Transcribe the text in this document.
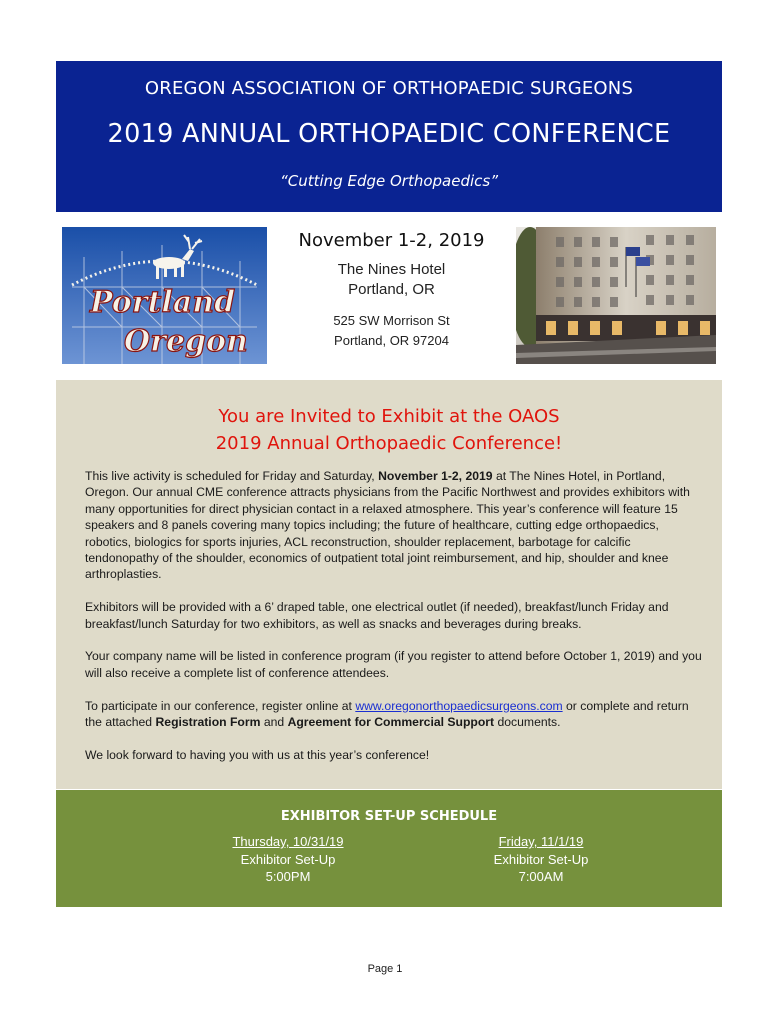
OREGON ASSOCIATION OF ORTHOPAEDIC SURGEONS
2019 ANNUAL ORTHOPAEDIC CONFERENCE
“Cutting Edge Orthopaedics”
Portland
Oregon
November 1-2, 2019
The Nines Hotel
Portland, OR
525 SW Morrison St
Portland, OR 97204
You are Invited to Exhibit at the OAOS
2019 Annual Orthopaedic Conference!

This live activity is scheduled for Friday and Saturday, November 1-2, 2019 at The Nines Hotel, in Portland, Oregon. Our annual CME conference attracts physicians from the Pacific Northwest and provides exhibitors with many opportunities for direct physician contact in a relaxed atmosphere. This year’s conference will feature 15 speakers and 8 panels covering many topics including; the future of healthcare, cutting edge orthopaedics, robotics, biologics for sports injuries, ACL reconstruction, shoulder replacement, barbotage for calcific tendonopathy of the shoulder, economics of outpatient total joint reimbursement, and hip, shoulder and knee arthroplasties.

Exhibitors will be provided with a 6’ draped table, one electrical outlet (if needed), breakfast/lunch Friday and breakfast/lunch Saturday for two exhibitors, as well as snacks and beverages during breaks.

Your company name will be listed in conference program (if you register to attend before October 1, 2019) and you will also receive a complete list of conference attendees.

To participate in our conference, register online at www.oregonorthopaedicsurgeons.com or complete and return the attached Registration Form and Agreement for Commercial Support documents.

We look forward to having you with us at this year’s conference!

EXHIBITOR SET-UP SCHEDULE
Thursday, 10/31/19
Exhibitor Set-Up
5:00PM
Friday, 11/1/19
Exhibitor Set-Up
7:00AM
Page 1
